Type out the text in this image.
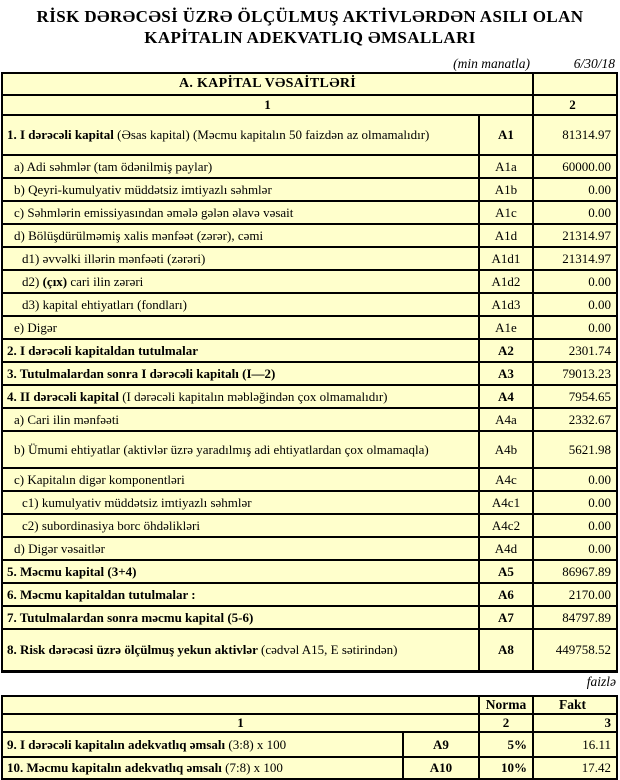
RİSK DƏRƏCƏSİ ÜZRƏ ÖLÇÜLMUŞ AKTİVLƏRDƏN ASILI OLAN
KAPİTALIN ADEKVATLIQ ƏMSALLARI
(min manatla)	6/30/18
A. KAPİTAL VƏSAİTLƏRİ
1	2
1. I dərəcəli kapital (Əsas kapital) (Məcmu kapitalın 50 faizdən az olmamalıdır)	A1	81314.97
a) Adi səhmlər (tam ödənilmiş paylar)	A1a	60000.00
b) Qeyri-kumulyativ müddətsiz imtiyazlı səhmlər	A1b	0.00
c) Səhmlərin emissiyasından əmələ gələn əlavə vəsait	A1c	0.00
d) Bölüşdürülməmiş xalis mənfəət (zərər), cəmi	A1d	21314.97
d1) əvvəlki illərin mənfəəti (zərəri)	A1d1	21314.97
d2) (çıx) cari ilin zərəri	A1d2	0.00
d3) kapital ehtiyatları (fondları)	A1d3	0.00
e) Digər	A1e	0.00
2. I dərəcəli kapitaldan tutulmalar	A2	2301.74
3. Tutulmalardan sonra I dərəcəli kapitalı (I—2)	A3	79013.23
4. II dərəcəli kapital (I dərəcəli kapitalın məbləğindən çox olmamalıdır)	A4	7954.65
a) Cari ilin mənfəəti	A4a	2332.67
b) Ümumi ehtiyatlar (aktivlər üzrə yaradılmış adi ehtiyatlardan çox olmamaqla)	A4b	5621.98
c) Kapitalın digər komponentləri	A4c	0.00
c1) kumulyativ müddətsiz imtiyazlı səhmlər	A4c1	0.00
c2) subordinasiya borc öhdəlikləri	A4c2	0.00
d) Digər vəsaitlər	A4d	0.00
5. Məcmu kapital (3+4)	A5	86967.89
6. Məcmu kapitaldan tutulmalar :	A6	2170.00
7. Tutulmalardan sonra məcmu kapital (5-6)	A7	84797.89
8. Risk dərəcəsi üzrə ölçülmuş yekun aktivlər (cədvəl A15, E sətirindən)	A8	449758.52
faizlə
Norma	Fakt
1	2	3
9. I dərəcəli kapitalın adekvatlıq əmsalı (3:8) x 100	A9	5%	16.11
10. Məcmu kapitalın adekvatlıq əmsalı (7:8) x 100	A10	10%	17.42
